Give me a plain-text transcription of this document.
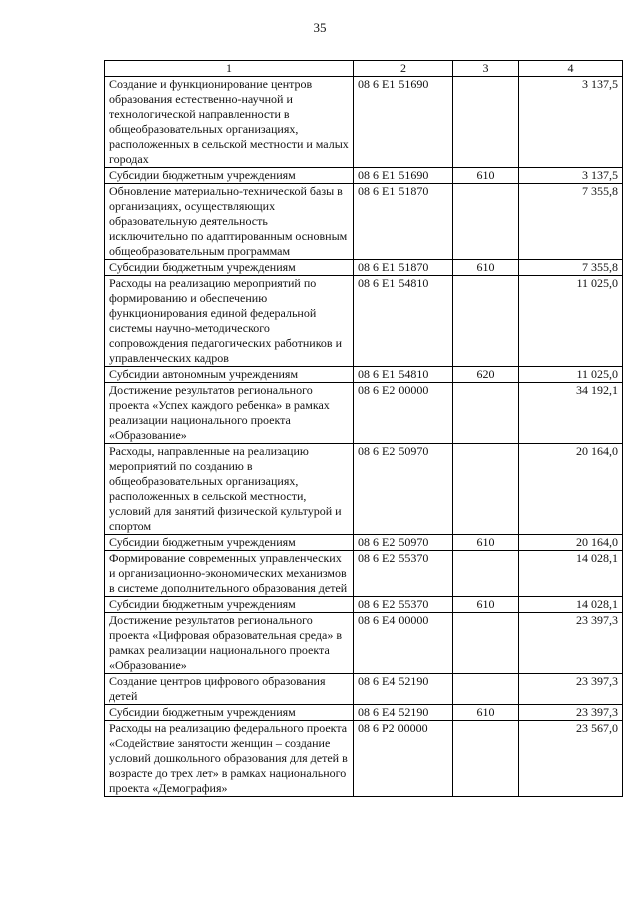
35
1	2	3	4
Создание и функционирование центров образования естественно-научной и технологической направленности в общеобразовательных организациях, расположенных в сельской местности и малых городах	08 6 E1 51690		3 137,5
Субсидии бюджетным учреждениям	08 6 E1 51690	610	3 137,5
Обновление материально-технической базы в организациях, осуществляющих образовательную деятельность исключительно по адаптированным основным общеобразовательным программам	08 6 E1 51870		7 355,8
Субсидии бюджетным учреждениям	08 6 E1 51870	610	7 355,8
Расходы на реализацию мероприятий по формированию и обеспечению функционирования единой федеральной системы научно-методического сопровождения педагогических работников и управленческих кадров	08 6 E1 54810		11 025,0
Субсидии автономным учреждениям	08 6 E1 54810	620	11 025,0
Достижение результатов регионального проекта «Успех каждого ребенка» в рамках реализации национального проекта «Образование»	08 6 E2 00000		34 192,1
Расходы, направленные на реализацию мероприятий по созданию в общеобразовательных организациях, расположенных в сельской местности, условий для занятий физической культурой и спортом	08 6 E2 50970		20 164,0
Субсидии бюджетным учреждениям	08 6 E2 50970	610	20 164,0
Формирование современных управленческих и организационно-экономических механизмов в системе дополнительного образования детей	08 6 E2 55370		14 028,1
Субсидии бюджетным учреждениям	08 6 E2 55370	610	14 028,1
Достижение результатов регионального проекта «Цифровая образовательная среда» в рамках реализации национального проекта «Образование»	08 6 E4 00000		23 397,3
Создание центров цифрового образования детей	08 6 E4 52190		23 397,3
Субсидии бюджетным учреждениям	08 6 E4 52190	610	23 397,3
Расходы на реализацию федерального проекта «Содействие занятости женщин – создание условий дошкольного образования для детей в возрасте до трех лет» в рамках национального проекта «Демография»	08 6 P2 00000		23 567,0
